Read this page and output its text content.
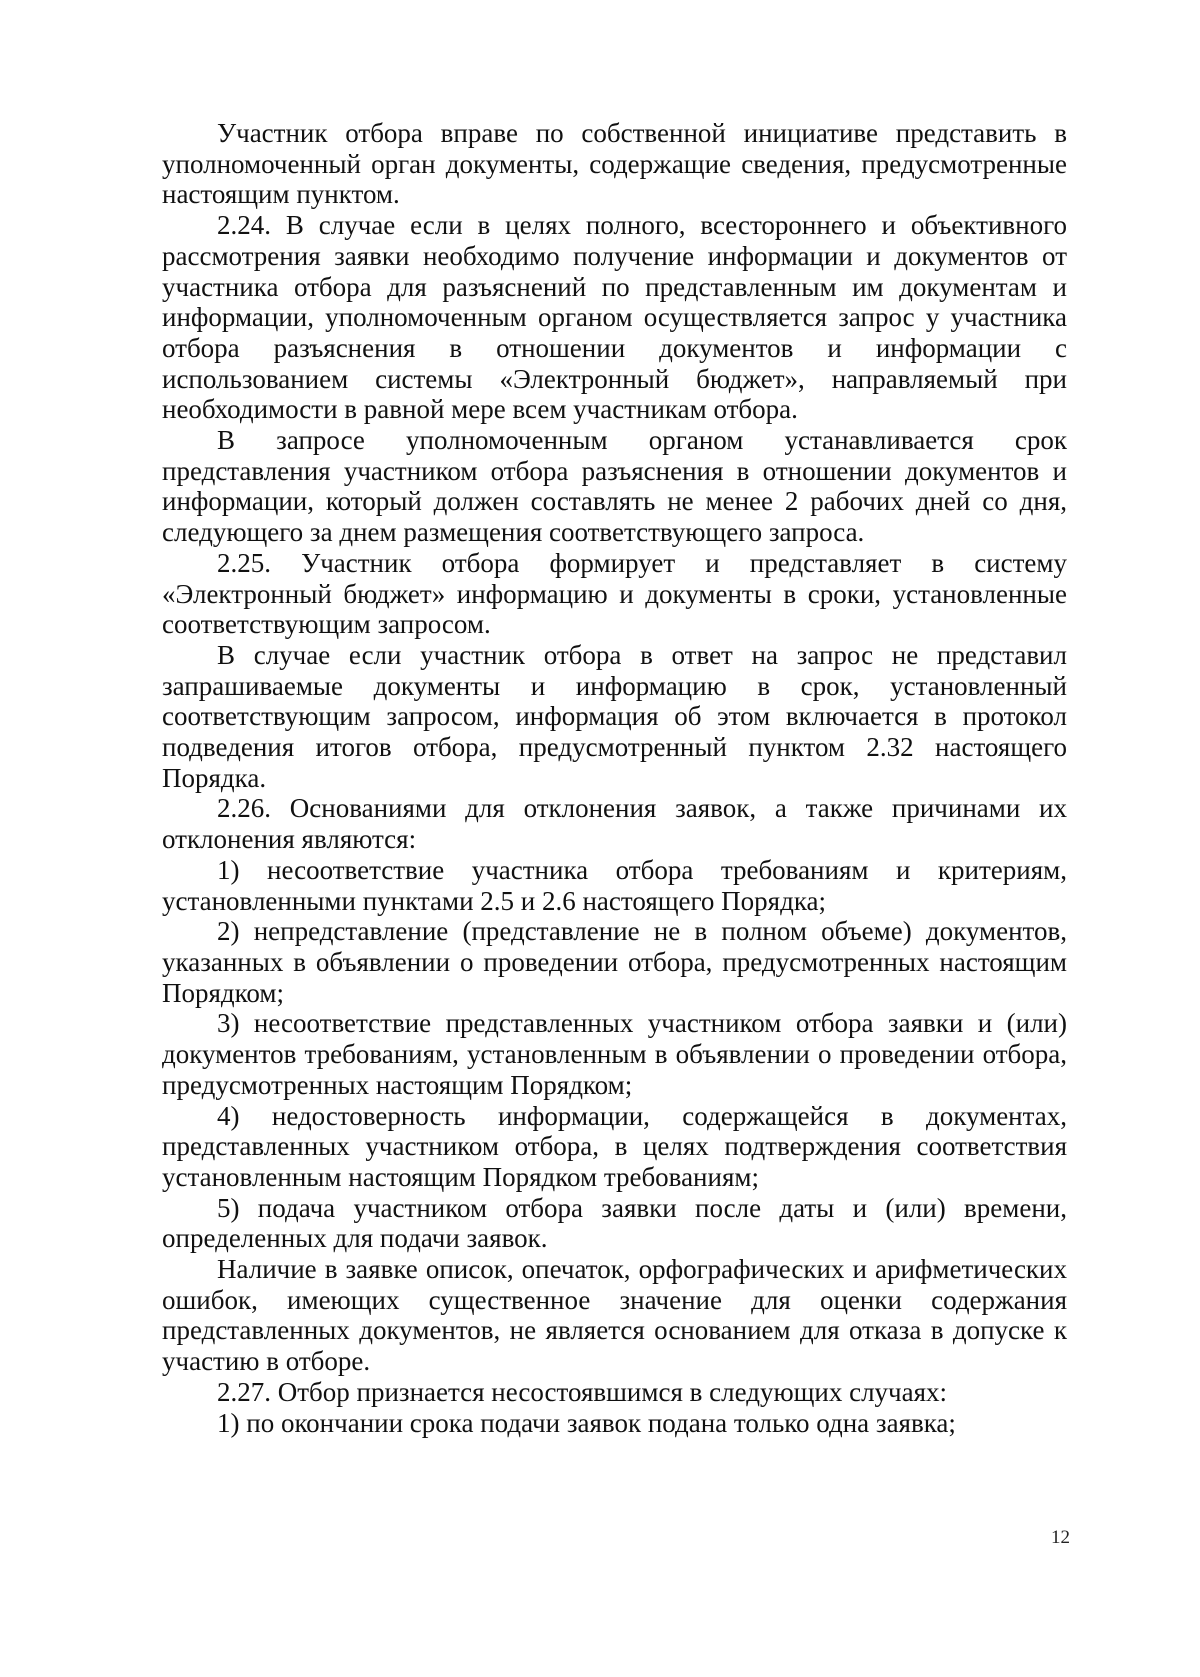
Участник отбора вправе по собственной инициативе представить в уполномоченный орган документы, содержащие сведения, предусмотренные настоящим пунктом.

2.24. В случае если в целях полного, всестороннего и объективного рассмотрения заявки необходимо получение информации и документов от участника отбора для разъяснений по представленным им документам и информации, уполномоченным органом осуществляется запрос у участника отбора разъяснения в отношении документов и информации с использованием системы «Электронный бюджет», направляемый при необходимости в равной мере всем участникам отбора.

В запросе уполномоченным органом устанавливается срок представления участником отбора разъяснения в отношении документов и информации, который должен составлять не менее 2 рабочих дней со дня, следующего за днем размещения соответствующего запроса.

2.25. Участник отбора формирует и представляет в систему «Электронный бюджет» информацию и документы в сроки, установленные соответствующим запросом.

В случае если участник отбора в ответ на запрос не представил запрашиваемые документы и информацию в срок, установленный соответствующим запросом, информация об этом включается в протокол подведения итогов отбора, предусмотренный пунктом 2.32 настоящего Порядка.

2.26. Основаниями для отклонения заявок, а также причинами их отклонения являются:

1) несоответствие участника отбора требованиям и критериям, установленными пунктами 2.5 и 2.6 настоящего Порядка;

2) непредставление (представление не в полном объеме) документов, указанных в объявлении о проведении отбора, предусмотренных настоящим Порядком;

3) несоответствие представленных участником отбора заявки и (или) документов требованиям, установленным в объявлении о проведении отбора, предусмотренных настоящим Порядком;

4) недостоверность информации, содержащейся в документах, представленных участником отбора, в целях подтверждения соответствия установленным настоящим Порядком требованиям;

5) подача участником отбора заявки после даты и (или) времени, определенных для подачи заявок.

Наличие в заявке описок, опечаток, орфографических и арифметических ошибок, имеющих существенное значение для оценки содержания представленных документов, не является основанием для отказа в допуске к участию в отборе.

2.27. Отбор признается несостоявшимся в следующих случаях:

1) по окончании срока подачи заявок подана только одна заявка;

12
